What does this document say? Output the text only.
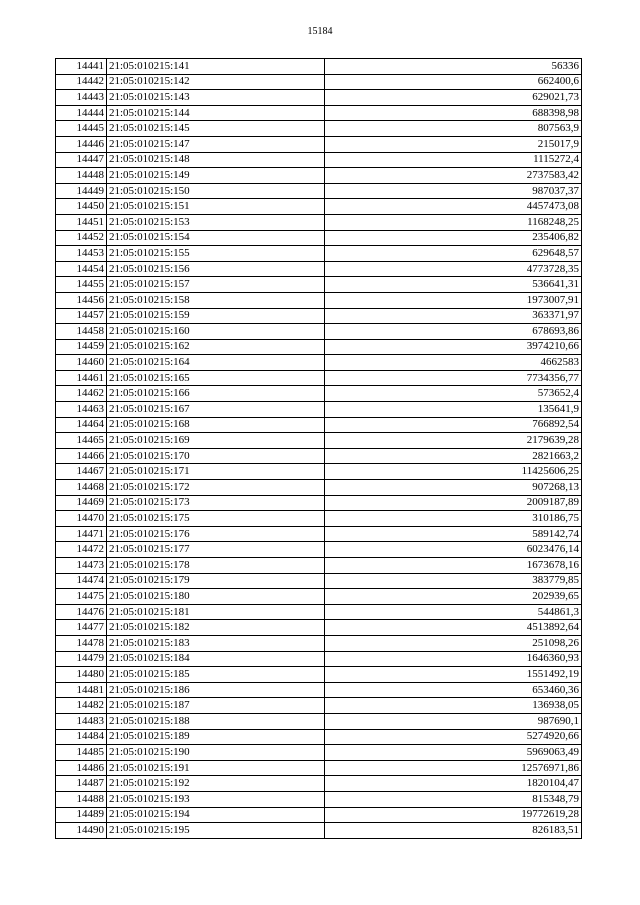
15184
14441	21:05:010215:141	56336
14442	21:05:010215:142	662400,6
14443	21:05:010215:143	629021,73
14444	21:05:010215:144	688398,98
14445	21:05:010215:145	807563,9
14446	21:05:010215:147	215017,9
14447	21:05:010215:148	1115272,4
14448	21:05:010215:149	2737583,42
14449	21:05:010215:150	987037,37
14450	21:05:010215:151	4457473,08
14451	21:05:010215:153	1168248,25
14452	21:05:010215:154	235406,82
14453	21:05:010215:155	629648,57
14454	21:05:010215:156	4773728,35
14455	21:05:010215:157	536641,31
14456	21:05:010215:158	1973007,91
14457	21:05:010215:159	363371,97
14458	21:05:010215:160	678693,86
14459	21:05:010215:162	3974210,66
14460	21:05:010215:164	4662583
14461	21:05:010215:165	7734356,77
14462	21:05:010215:166	573652,4
14463	21:05:010215:167	135641,9
14464	21:05:010215:168	766892,54
14465	21:05:010215:169	2179639,28
14466	21:05:010215:170	2821663,2
14467	21:05:010215:171	11425606,25
14468	21:05:010215:172	907268,13
14469	21:05:010215:173	2009187,89
14470	21:05:010215:175	310186,75
14471	21:05:010215:176	589142,74
14472	21:05:010215:177	6023476,14
14473	21:05:010215:178	1673678,16
14474	21:05:010215:179	383779,85
14475	21:05:010215:180	202939,65
14476	21:05:010215:181	544861,3
14477	21:05:010215:182	4513892,64
14478	21:05:010215:183	251098,26
14479	21:05:010215:184	1646360,93
14480	21:05:010215:185	1551492,19
14481	21:05:010215:186	653460,36
14482	21:05:010215:187	136938,05
14483	21:05:010215:188	987690,1
14484	21:05:010215:189	5274920,66
14485	21:05:010215:190	5969063,49
14486	21:05:010215:191	12576971,86
14487	21:05:010215:192	1820104,47
14488	21:05:010215:193	815348,79
14489	21:05:010215:194	19772619,28
14490	21:05:010215:195	826183,51
